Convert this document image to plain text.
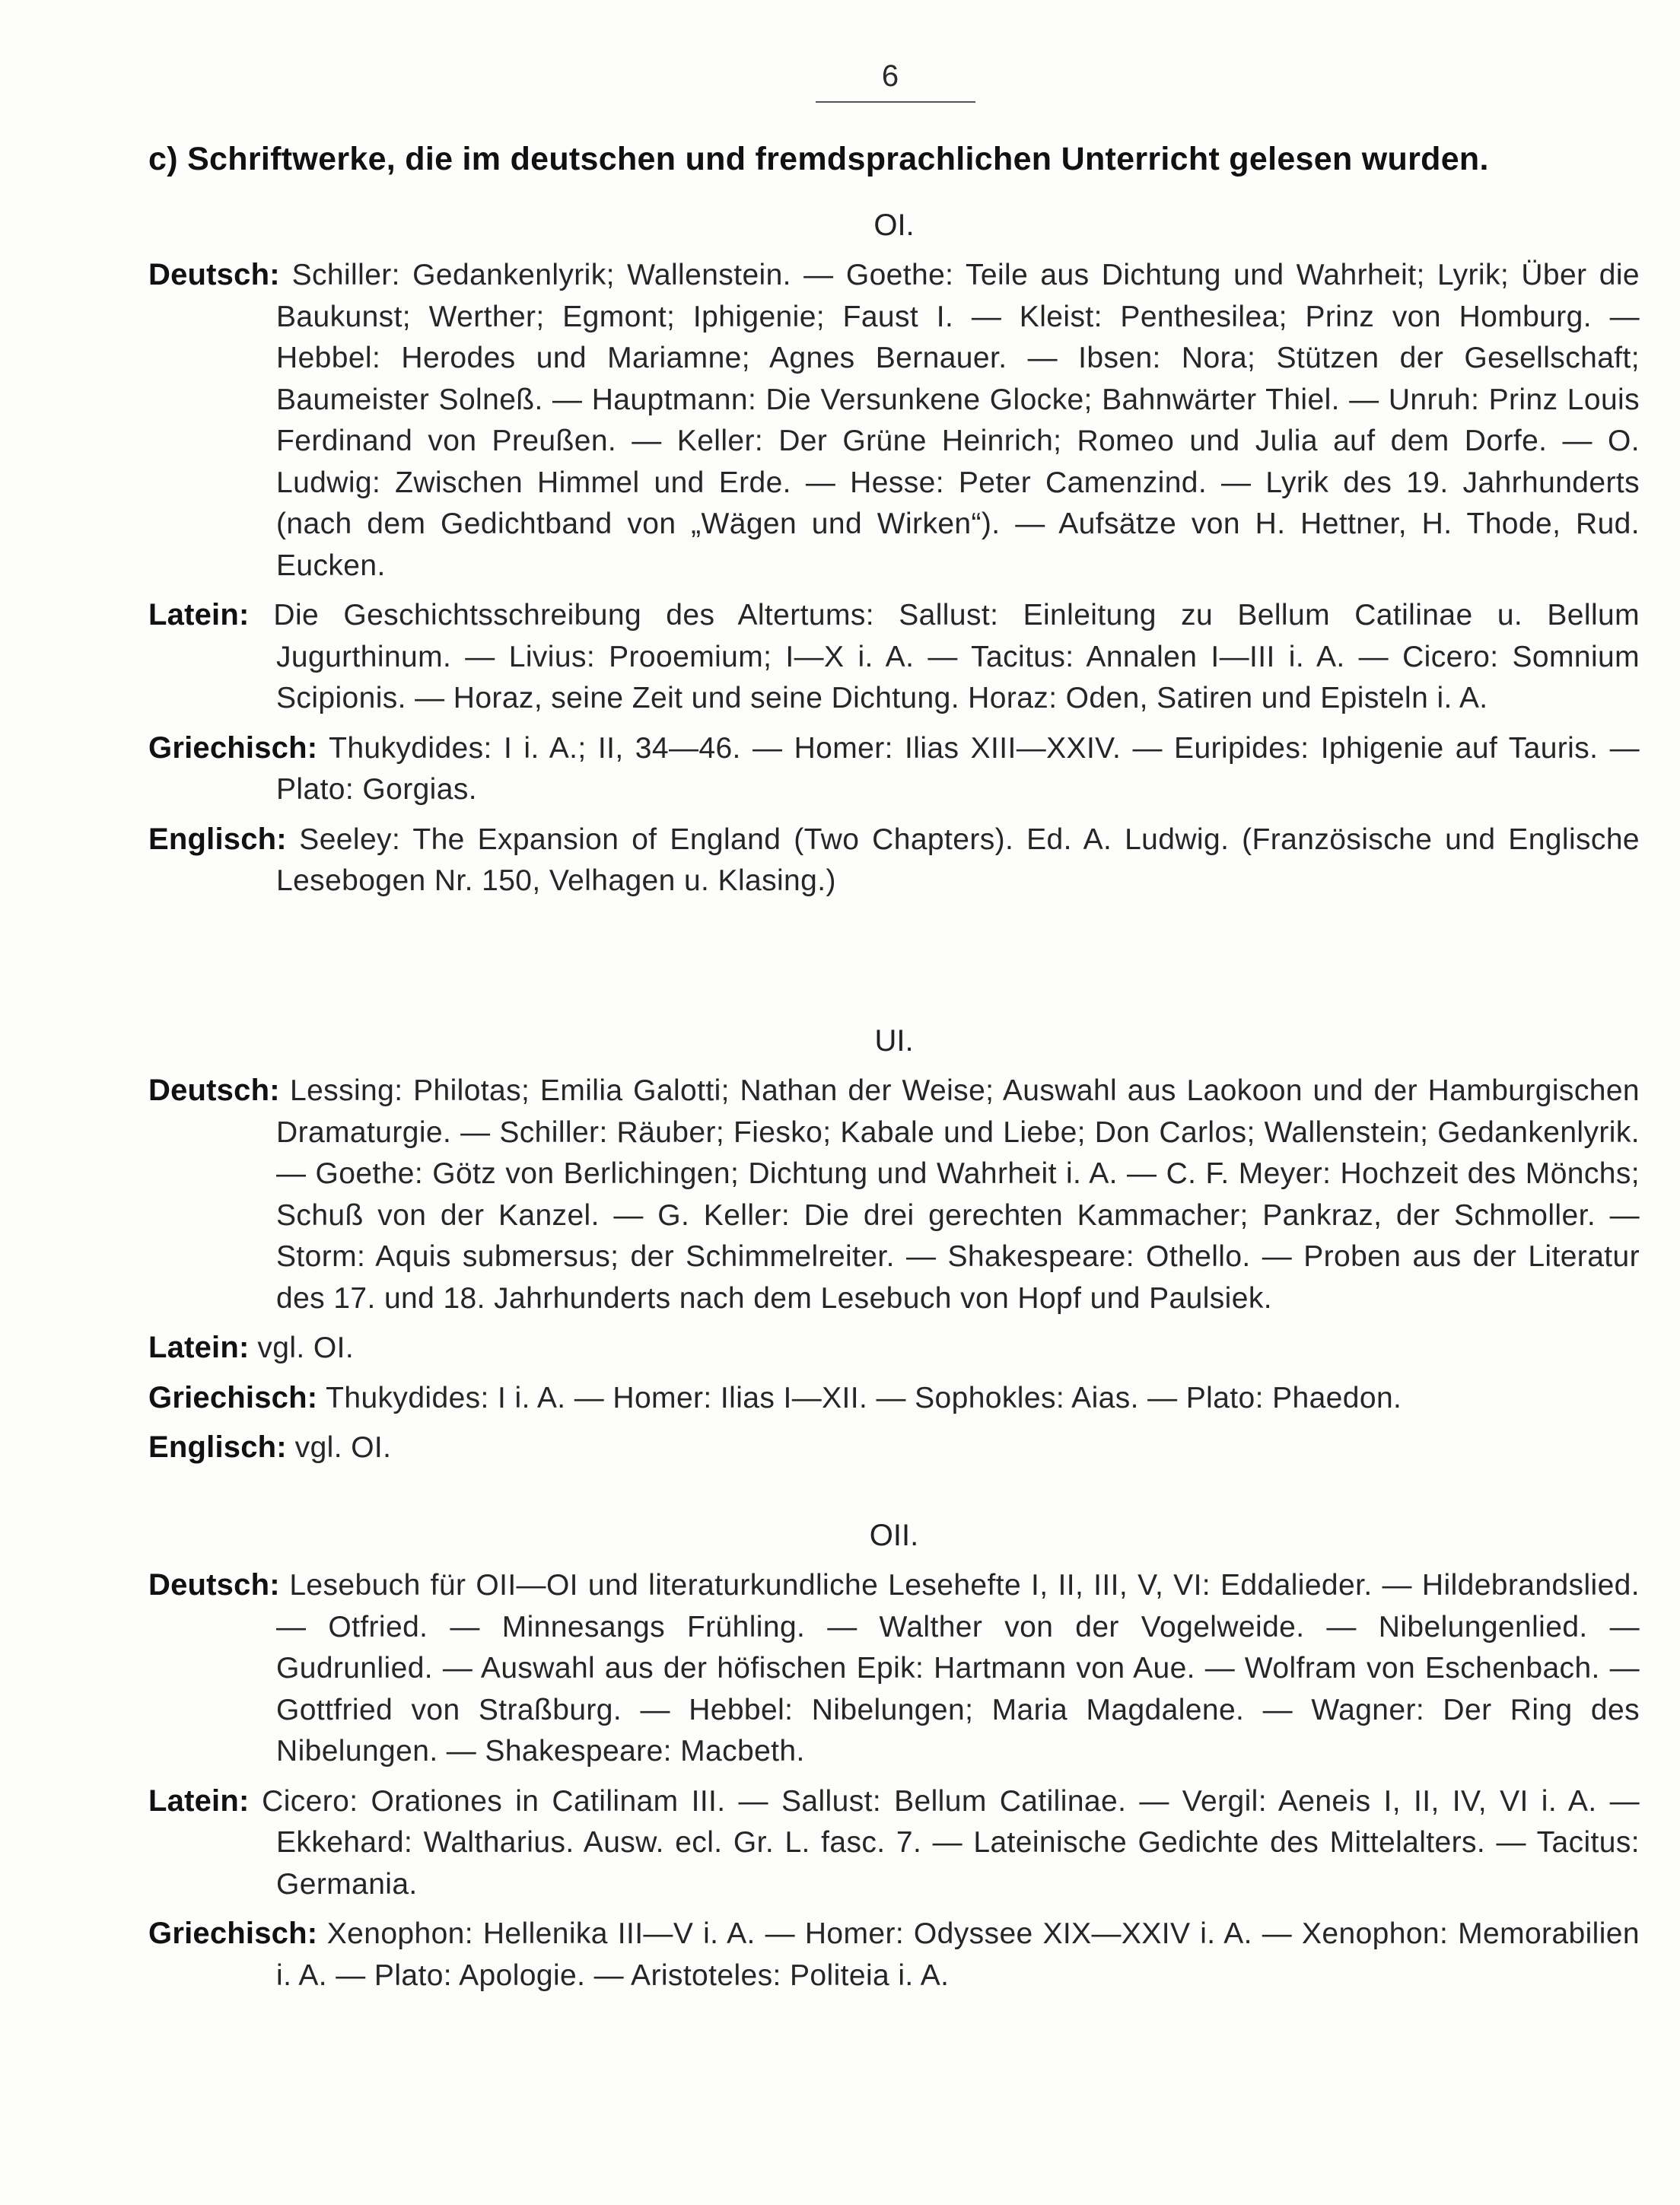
6
c) Schriftwerke, die im deutschen und fremdsprachlichen Unterricht gelesen wurden.
OI.
Deutsch: Schiller: Gedankenlyrik; Wallenstein. — Goethe: Teile aus Dichtung und Wahrheit; Lyrik; Über die Baukunst; Werther; Egmont; Iphigenie; Faust I. — Kleist: Penthesilea; Prinz von Homburg. — Hebbel: Herodes und Mariamne; Agnes Bernauer. — Ibsen: Nora; Stützen der Gesellschaft; Baumeister Solneß. — Hauptmann: Die Versunkene Glocke; Bahnwärter Thiel. — Unruh: Prinz Louis Ferdinand von Preußen. — Keller: Der Grüne Heinrich; Romeo und Julia auf dem Dorfe. — O. Ludwig: Zwischen Himmel und Erde. — Hesse: Peter Camenzind. — Lyrik des 19. Jahrhunderts (nach dem Gedichtband von „Wägen und Wirken“). — Aufsätze von H. Hettner, H. Thode, Rud. Eucken.
Latein: Die Geschichtsschreibung des Altertums: Sallust: Einleitung zu Bellum Catilinae u. Bellum Jugurthinum. — Livius: Prooemium; I—X i. A. — Tacitus: Annalen I—III i. A. — Cicero: Somnium Scipionis. — Horaz, seine Zeit und seine Dichtung. Horaz: Oden, Satiren und Episteln i. A.
Griechisch: Thukydides: I i. A.; II, 34—46. — Homer: Ilias XIII—XXIV. — Euripides: Iphigenie auf Tauris. — Plato: Gorgias.
Englisch: Seeley: The Expansion of England (Two Chapters). Ed. A. Ludwig. (Französische und Englische Lesebogen Nr. 150, Velhagen u. Klasing.)
UI.
Deutsch: Lessing: Philotas; Emilia Galotti; Nathan der Weise; Auswahl aus Laokoon und der Hamburgischen Dramaturgie. — Schiller: Räuber; Fiesko; Kabale und Liebe; Don Carlos; Wallenstein; Gedankenlyrik. — Goethe: Götz von Berlichingen; Dichtung und Wahrheit i. A. — C. F. Meyer: Hochzeit des Mönchs; Schuß von der Kanzel. — G. Keller: Die drei gerechten Kammacher; Pankraz, der Schmoller. — Storm: Aquis submersus; der Schimmelreiter. — Shakespeare: Othello. — Proben aus der Literatur des 17. und 18. Jahrhunderts nach dem Lesebuch von Hopf und Paulsiek.
Latein: vgl. OI.
Griechisch: Thukydides: I i. A. — Homer: Ilias I—XII. — Sophokles: Aias. — Plato: Phaedon.
Englisch: vgl. OI.
OII.
Deutsch: Lesebuch für OII—OI und literaturkundliche Lesehefte I, II, III, V, VI: Eddalieder. — Hildebrandslied. — Otfried. — Minnesangs Frühling. — Walther von der Vogelweide. — Nibelungenlied. — Gudrunlied. — Auswahl aus der höfischen Epik: Hartmann von Aue. — Wolfram von Eschenbach. — Gottfried von Straßburg. — Hebbel: Nibelungen; Maria Magdalene. — Wagner: Der Ring des Nibelungen. — Shakespeare: Macbeth.
Latein: Cicero: Orationes in Catilinam III. — Sallust: Bellum Catilinae. — Vergil: Aeneis I, II, IV, VI i. A. — Ekkehard: Waltharius. Ausw. ecl. Gr. L. fasc. 7. — Lateinische Gedichte des Mittelalters. — Tacitus: Germania.
Griechisch: Xenophon: Hellenika III—V i. A. — Homer: Odyssee XIX—XXIV i. A. — Xenophon: Memorabilien i. A. — Plato: Apologie. — Aristoteles: Politeia i. A.
